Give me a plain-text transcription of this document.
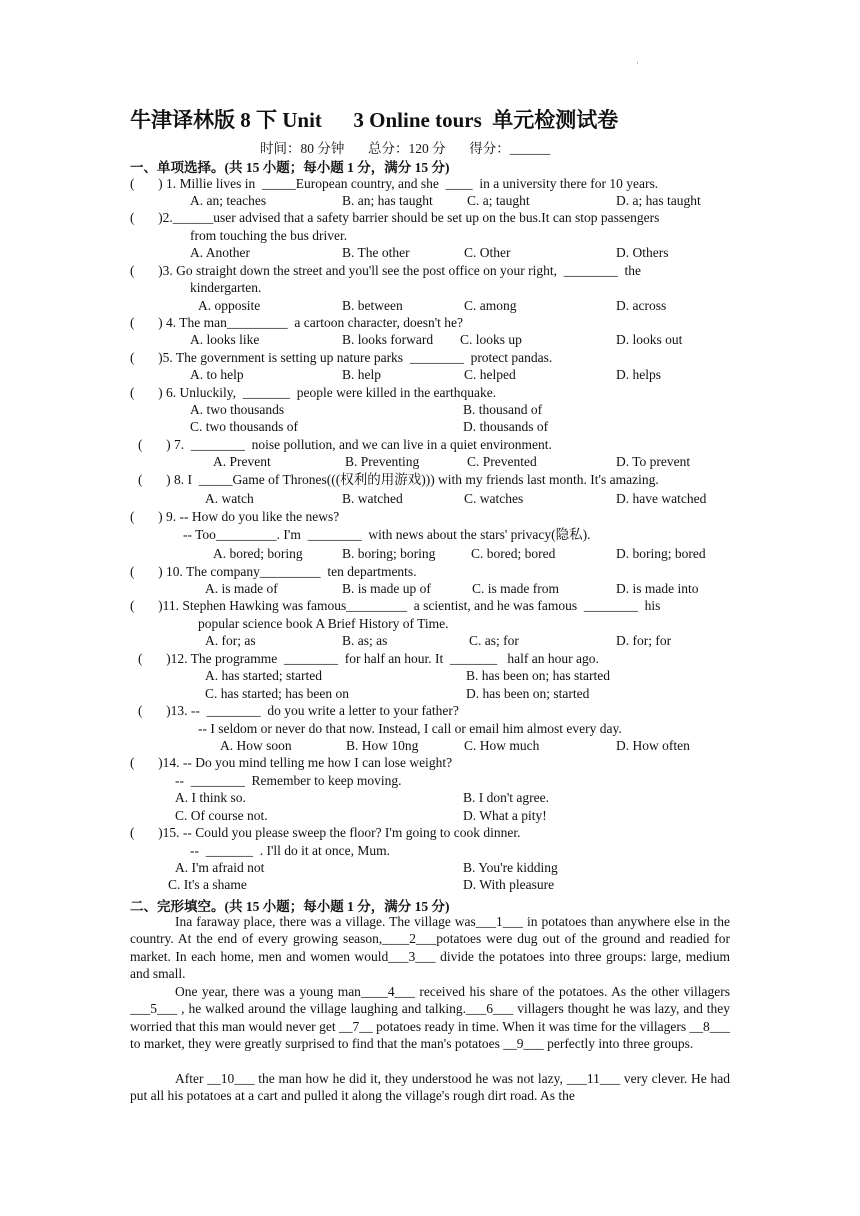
·
牛津译林版 8 下 Unit      3 Online tours  单元检测试卷
时间：80 分钟       总分：120 分       得分：______
一、单项选择。(共 15 小题；每小题 1 分，满分 15 分)
(       ) 1. Millie lives in  _____European country, and she  ____  in a university there for 10 years.
A. an; teaches	B. an; has taught	C. a; taught	D. a; has taught
(       )2.______user advised that a safety barrier should be set up on the bus.It can stop passengers
from touching the bus driver.
A. Another	B. The other	C. Other	D. Others
(       )3. Go straight down the street and you'll see the post office on your right,  ________  the
kindergarten.
A. opposite	B. between	C. among	D. across
(       ) 4. The man_________  a cartoon character, doesn't he?
A. looks like	B. looks forward C. looks up	D. looks out
(       )5. The government is setting up nature parks  ________  protect pandas.
A. to help	B. help	C. helped	D. helps
(       ) 6. Unluckily,  _______  people were killed in the earthquake.
A. two thousands	B. thousand of
C. two thousands of	D. thousands of
(       ) 7.  ________  noise pollution, and we can live in a quiet environment.
A. Prevent	B. Preventing	C. Prevented	D. To prevent
(       ) 8. I  _____Game of Thrones(((权利的用游戏))) with my friends last month. It's amazing.
A. watch	B. watched	C. watches	D. have watched
(       ) 9. -- How do you like the news?
-- Too_________. I'm  ________  with news about the stars' privacy(隐私).
A. bored; boring	B. boring; boring	C. bored; bored	D. boring; bored
(       ) 10. The company_________  ten departments.
A. is made of	B. is made up of	C. is made from	D. is made into
(       )11. Stephen Hawking was famous_________  a scientist, and he was famous  ________  his
popular science book A Brief History of Time.
A. for; as	B. as; as	C. as; for	D. for; for
(       )12. The programme  ________  for half an hour. It  _______   half an hour ago.
A. has started; started	B. has been on; has started
C. has started; has been on	D. has been on; started
(       )13. --  ________  do you write a letter to your father?
-- I seldom or never do that now. Instead, I call or email him almost every day.
A. How soon	B. How 10ng	C. How much	D. How often
(       )14. -- Do you mind telling me how I can lose weight?
--  ________  Remember to keep moving.
A. I think so.	B. I don't agree.
C. Of course not.	D. What a pity!
(       )15. -- Could you please sweep the floor? I'm going to cook dinner.
--  _______  . I'll do it at once, Mum.
A. I'm afraid not	B. You're kidding
C. It's a shame	D. With pleasure
二、完形填空。(共 15 小题；每小题 1 分，满分 15 分)

Ina faraway place, there was a village. The village was___1___ in potatoes than anywhere else in the country. At the end of every growing season,____2___potatoes were dug out of the ground and readied for market. In each home, men and women would___3___ divide the potatoes into three groups: large, medium and small.

One year, there was a young man____4___ received his share of the potatoes. As the other villagers ___5___ , he walked around the village laughing and talking.___6___ villagers thought he was lazy, and they worried that this man would never get __7__ potatoes ready in time. When it was time for the villagers __8___ to market, they were greatly surprised to find that the man's potatoes __9___ perfectly into three groups.

After __10___ the man how he did it, they understood he was not lazy, ___11___ very clever. He had put all his potatoes at a cart and pulled it along the village's rough dirt road. As the
